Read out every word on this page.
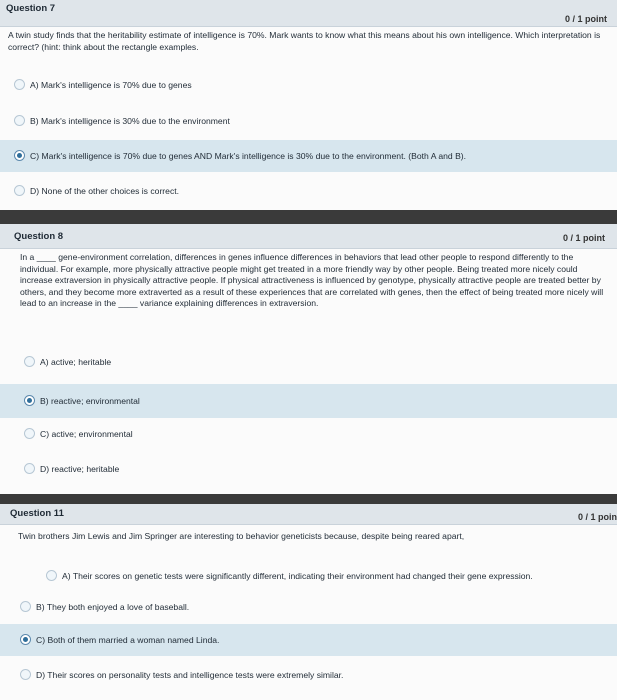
Question 7
0 / 1 point
A twin study finds that the heritability estimate of intelligence is 70%. Mark wants to know what this means about his own intelligence. Which interpretation is correct? (hint: think about the rectangle examples.
A) Mark's intelligence is 70% due to genes
B) Mark's intelligence is 30% due to the environment
C) Mark's intelligence is 70% due to genes AND Mark's intelligence is 30% due to the environment. (Both A and B).
D) None of the other choices is correct.
Question 8	0 / 1 point
In a ____ gene-environment correlation, differences in genes influence differences in behaviors that lead other people to respond differently to the individual. For example, more physically attractive people might get treated in a more friendly way by other people. Being treated more nicely could increase extraversion in physically attractive people. If physical attractiveness is influenced by genotype, physically attractive people are treated better by others, and they become more extraverted as a result of these experiences that are correlated with genes, then the effect of being treated more nicely will lead to an increase in the ____ variance explaining differences in extraversion.
A) active; heritable
B) reactive; environmental
C) active; environmental
D) reactive; heritable
Question 11	0 / 1 poin
Twin brothers Jim Lewis and Jim Springer are interesting to behavior geneticists because, despite being reared apart,
A) Their scores on genetic tests were significantly different, indicating their environment had changed their gene expression.
B) They both enjoyed a love of baseball.
C) Both of them married a woman named Linda.
D) Their scores on personality tests and intelligence tests were extremely similar.
